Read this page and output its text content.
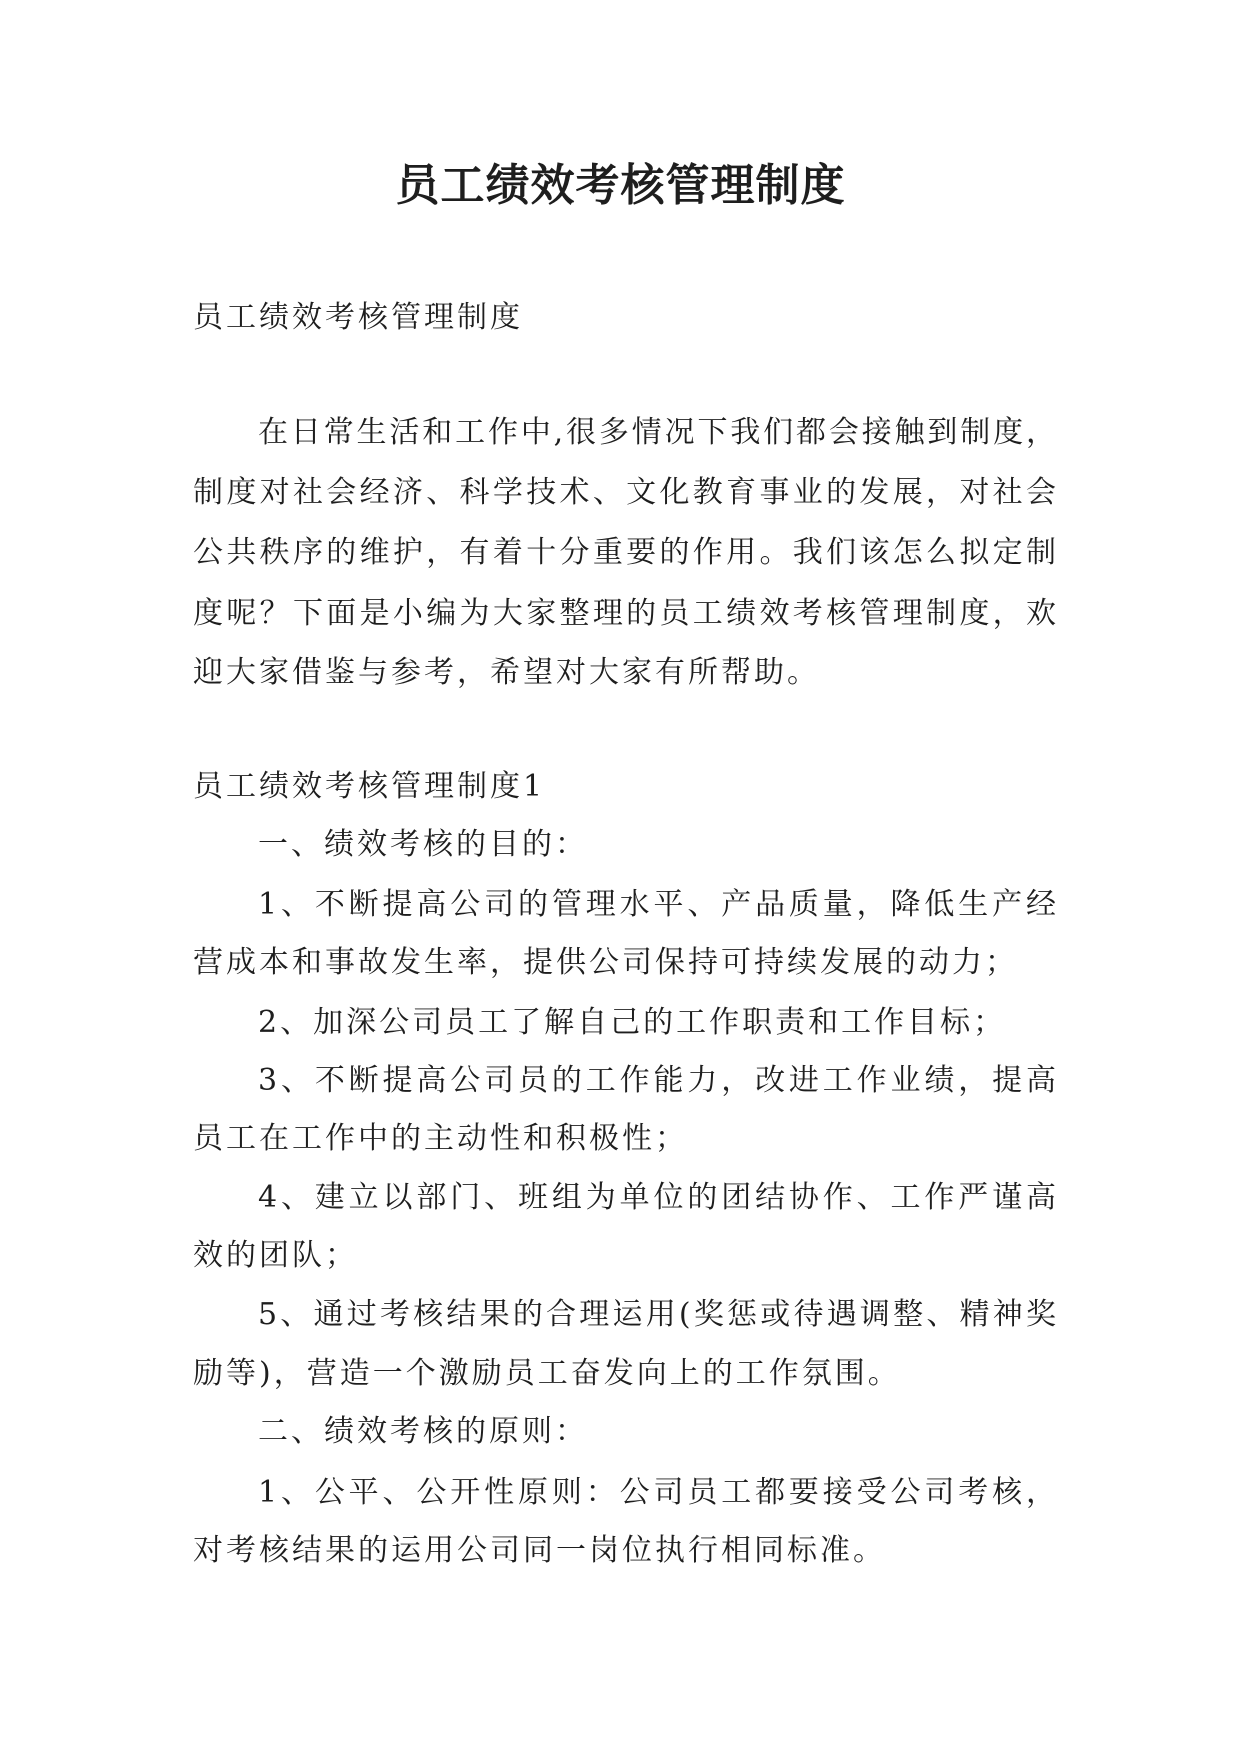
员工绩效考核管理制度
员工绩效考核管理制度
在日常生活和工作中,很多情况下我们都会接触到制度，
制度对社会经济、科学技术、文化教育事业的发展，对社会
公共秩序的维护，有着十分重要的作用。我们该怎么拟定制
度呢？下面是小编为大家整理的员工绩效考核管理制度，欢
迎大家借鉴与参考，希望对大家有所帮助。
员工绩效考核管理制度1
一、绩效考核的目的：
1、不断提高公司的管理水平、产品质量，降低生产经
营成本和事故发生率，提供公司保持可持续发展的动力；
2、加深公司员工了解自己的工作职责和工作目标；
3、不断提高公司员的工作能力，改进工作业绩，提高
员工在工作中的主动性和积极性；
4、建立以部门、班组为单位的团结协作、工作严谨高
效的团队；
5、通过考核结果的合理运用(奖惩或待遇调整、精神奖
励等)，营造一个激励员工奋发向上的工作氛围。
二、绩效考核的原则：
1、公平、公开性原则：公司员工都要接受公司考核，
对考核结果的运用公司同一岗位执行相同标准。
